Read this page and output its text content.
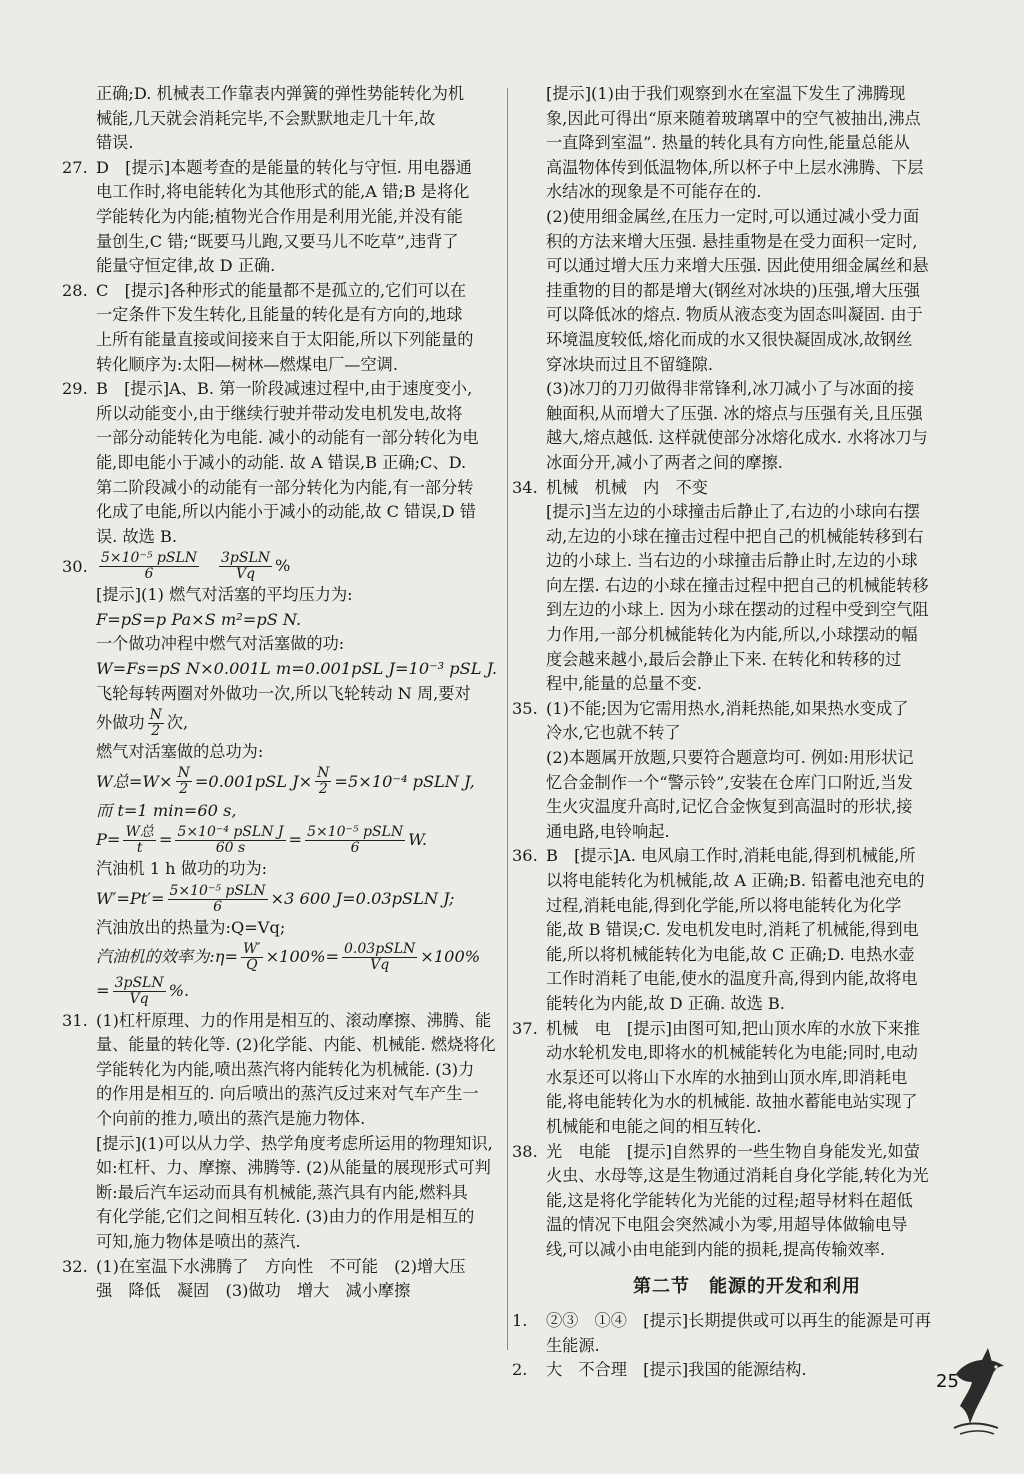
正确;D. 机械表工作靠表内弹簧的弹性势能转化为机
械能,几天就会消耗完毕,不会默默地走几十年,故
错误.
27. D　[提示]本题考查的是能量的转化与守恒. 用电器通
电工作时,将电能转化为其他形式的能,A 错;B 是将化
学能转化为内能;植物光合作用是利用光能,并没有能
量创生,C 错;“既要马儿跑,又要马儿不吃草”,违背了
能量守恒定律,故 D 正确.
28. C　[提示]各种形式的能量都不是孤立的,它们可以在
一定条件下发生转化,且能量的转化是有方向的,地球
上所有能量直接或间接来自于太阳能,所以下列能量的
转化顺序为:太阳—树林—燃煤电厂—空调.
29. B　[提示]A、B. 第一阶段减速过程中,由于速度变小,
所以动能变小,由于继续行驶并带动发电机发电,故将
一部分动能转化为电能. 减小的动能有一部分转化为电
能,即电能小于减小的动能. 故 A 错误,B 正确;C、D.
第二阶段减小的动能有一部分转化为内能,有一部分转
化成了电能,所以内能小于减小的动能,故 C 错误,D 错
误. 故选 B.
30. $\frac{\text{5×10⁻⁵ pSLN}}{6} \frac{\text{3pSLN}}{Vq}$ %
[提示](1) 燃气对活塞的平均压力为:
F=pS=p Pa×S m²=pS N.
一个做功冲程中燃气对活塞做的功:
W=Fs=pS N×0.001L m=0.001pSL J=10⁻³ pSL J.
飞轮每转两圈对外做功一次,所以飞轮转动 N 周,要对
外做功 $\frac{N}{2}$ 次,
燃气对活塞做的总功为:
W总$=W\times \frac{N}{2} =0.001pSL$ $J\times \frac{N}{2} =5\times 10^{-4}$ pSLN J,
而 t=1 min=60 s,
$P= \frac{\text{W总}}{t} = \frac{\text{5×10⁻⁴ pSLN J}}{60 s} = \frac{\text{5×10⁻⁵ pSLN}}{6} W$.
汽油机 1 h 做功的功为:
$W'=Pt'= \frac{\text{5×10⁻⁵ pSLN}}{6} \times 3$ 600 J=0.03pSLN J;
汽油放出的热量为:Q=Vq;
汽油机的效率为:η= $\frac{W'}{Q} \times 100\%= \frac{\text{0.03pSLN}}{Vq} \times 100\%$
= $\frac{\text{3pSLN}}{Vq}$ %.
31. (1)杠杆原理、力的作用是相互的、滚动摩擦、沸腾、能
量、能量的转化等. (2)化学能、内能、机械能. 燃烧将化
学能转化为内能,喷出蒸汽将内能转化为机械能. (3)力
的作用是相互的. 向后喷出的蒸汽反过来对气车产生一
个向前的推力,喷出的蒸汽是施力物体.
[提示](1)可以从力学、热学角度考虑所运用的物理知识,
如:杠杆、力、摩擦、沸腾等. (2)从能量的展现形式可判
断:最后汽车运动而具有机械能,蒸汽具有内能,燃料具
有化学能,它们之间相互转化. (3)由力的作用是相互的
可知,施力物体是喷出的蒸汽.
32. (1)在室温下水沸腾了　方向性　不可能　(2)增大压
强　降低　凝固　(3)做功　增大　减小摩擦
[提示](1)由于我们观察到水在室温下发生了沸腾现
象,因此可得出“原来随着玻璃罩中的空气被抽出,沸点
一直降到室温”. 热量的转化具有方向性,能量总能从
高温物体传到低温物体,所以杯子中上层水沸腾、下层
水结冰的现象是不可能存在的.
(2)使用细金属丝,在压力一定时,可以通过减小受力面
积的方法来增大压强. 悬挂重物是在受力面积一定时,
可以通过增大压力来增大压强. 因此使用细金属丝和悬
挂重物的目的都是增大(钢丝对冰块的)压强,增大压强
可以降低冰的熔点. 物质从液态变为固态叫凝固. 由于
环境温度较低,熔化而成的水又很快凝固成冰,故钢丝
穿冰块而过且不留缝隙.
(3)冰刀的刀刃做得非常锋利,冰刀减小了与冰面的接
触面积,从而增大了压强. 冰的熔点与压强有关,且压强
越大,熔点越低. 这样就使部分冰熔化成水. 水将冰刀与
冰面分开,减小了两者之间的摩擦.
34. 机械　机械　内　不变
[提示]当左边的小球撞击后静止了,右边的小球向右摆
动,左边的小球在撞击过程中把自己的机械能转移到右
边的小球上. 当右边的小球撞击后静止时,左边的小球
向左摆. 右边的小球在撞击过程中把自己的机械能转移
到左边的小球上. 因为小球在摆动的过程中受到空气阻
力作用,一部分机械能转化为内能,所以,小球摆动的幅
度会越来越小,最后会静止下来. 在转化和转移的过
程中,能量的总量不变.
35. (1)不能;因为它需用热水,消耗热能,如果热水变成了
冷水,它也就不转了
(2)本题属开放题,只要符合题意均可. 例如:用形状记
忆合金制作一个“警示铃”,安装在仓库门口附近,当发
生火灾温度升高时,记忆合金恢复到高温时的形状,接
通电路,电铃响起.
36. B　[提示]A. 电风扇工作时,消耗电能,得到机械能,所
以将电能转化为机械能,故 A 正确;B. 铅蓄电池充电的
过程,消耗电能,得到化学能,所以将电能转化为化学
能,故 B 错误;C. 发电机发电时,消耗了机械能,得到电
能,所以将机械能转化为电能,故 C 正确;D. 电热水壶
工作时消耗了电能,使水的温度升高,得到内能,故将电
能转化为内能,故 D 正确. 故选 B.
37. 机械　电　[提示]由图可知,把山顶水库的水放下来推
动水轮机发电,即将水的机械能转化为电能;同时,电动
水泵还可以将山下水库的水抽到山顶水库,即消耗电
能,将电能转化为水的机械能. 故抽水蓄能电站实现了
机械能和电能之间的相互转化.
38. 光　电能　[提示]自然界的一些生物自身能发光,如萤
火虫、水母等,这是生物通过消耗自身化学能,转化为光
能,这是将化学能转化为光能的过程;超导材料在超低
温的情况下电阻会突然减小为零,用超导体做输电导
线,可以减小由电能到内能的损耗,提高传输效率.
第二节　能源的开发和利用
1.	②③　①④　[提示]长期提供或可以再生的能源是可再
生能源.
2.	大　不合理　[提示]我国的能源结构.
25
